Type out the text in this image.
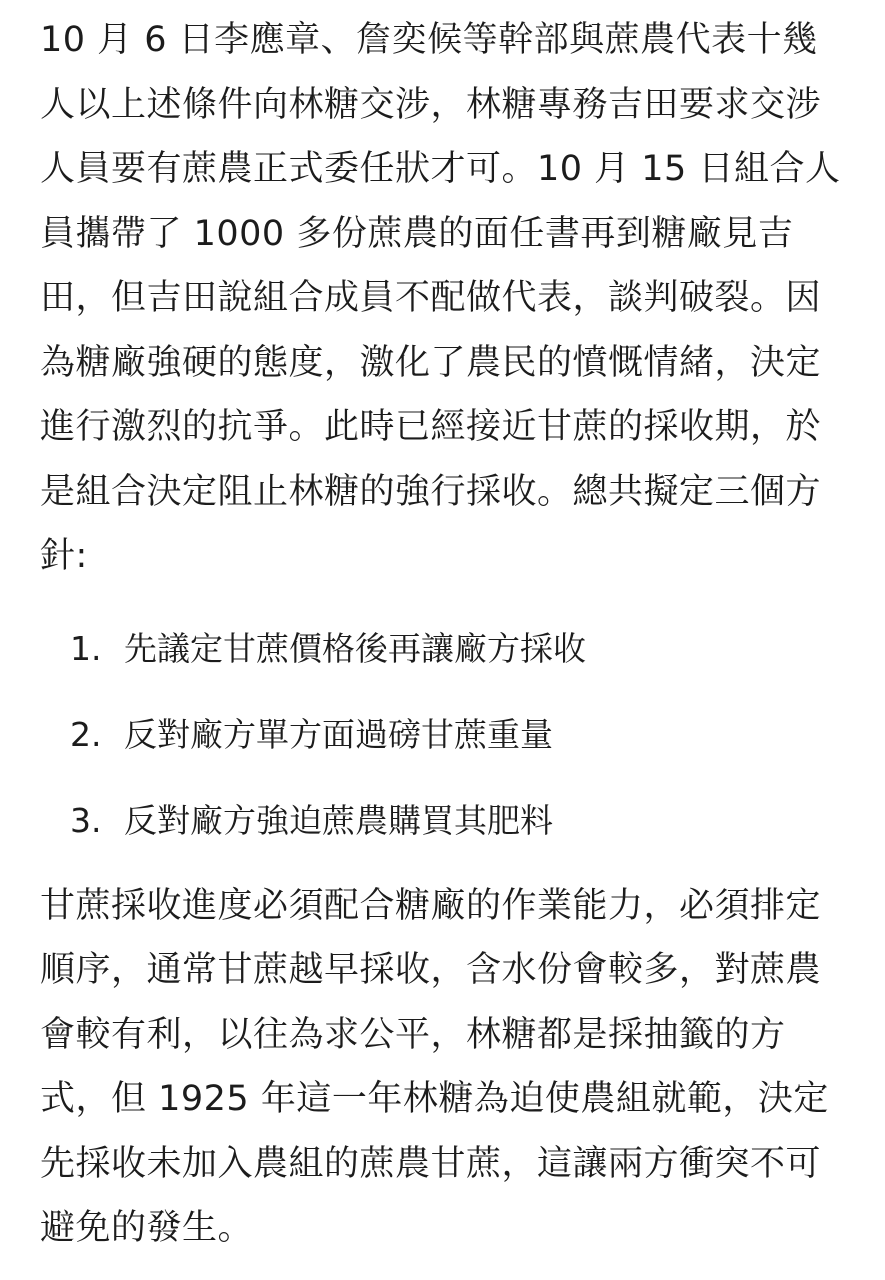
10 月 6 日李應章、詹奕候等幹部與蔗農代表十幾人以上述條件向林糖交涉，林糖專務吉田要求交涉人員要有蔗農正式委任狀才可。10 月 15 日組合人員攜帶了 1000 多份蔗農的面任書再到糖廠見吉田，但吉田說組合成員不配做代表，談判破裂。因為糖廠強硬的態度，激化了農民的憤慨情緒，決定進行激烈的抗爭。此時已經接近甘蔗的採收期，於是組合決定阻止林糖的強行採收。總共擬定三個方針:

1. 先議定甘蔗價格後再讓廠方採收
2. 反對廠方單方面過磅甘蔗重量
3. 反對廠方強迫蔗農購買其肥料

甘蔗採收進度必須配合糖廠的作業能力，必須排定順序，通常甘蔗越早採收，含水份會較多，對蔗農會較有利，以往為求公平，林糖都是採抽籤的方式，但 1925 年這一年林糖為迫使農組就範，決定先採收未加入農組的蔗農甘蔗，這讓兩方衝突不可避免的發生。
